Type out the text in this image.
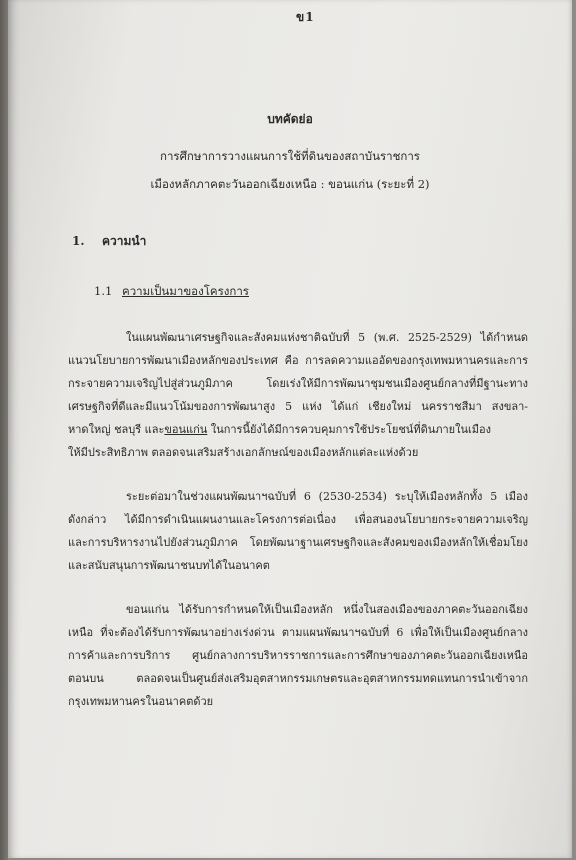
ข1
บทคัดย่อ
การศึกษาการวางแผนการใช้ที่ดินของสถาบันราชการ
เมืองหลักภาคตะวันออกเฉียงเหนือ : ขอนแก่น (ระยะที่ 2)
1. ความนำ
1.1 ความเป็นมาของโครงการ
ในแผนพัฒนาเศรษฐกิจและสังคมแห่งชาติฉบับที่ 5 (พ.ศ. 2525-2529) ได้กำหนด
แนวนโยบายการพัฒนาเมืองหลักของประเทศ คือ การลดความแออัดของกรุงเทพมหานครและการ
กระจายความเจริญไปสู่ส่วนภูมิภาค โดยเร่งให้มีการพัฒนาชุมชนเมืองศูนย์กลางที่มีฐานะทาง
เศรษฐกิจที่ดีและมีแนวโน้มของการพัฒนาสูง 5 แห่ง ได้แก่ เชียงใหม่ นครราชสีมา สงขลา-
หาดใหญ่ ชลบุรี และขอนแก่น ในการนี้ยังได้มีการควบคุมการใช้ประโยชน์ที่ดินภายในเมือง
ให้มีประสิทธิภาพ ตลอดจนเสริมสร้างเอกลักษณ์ของเมืองหลักแต่ละแห่งด้วย
ระยะต่อมาในช่วงแผนพัฒนาฯฉบับที่ 6 (2530-2534) ระบุให้เมืองหลักทั้ง 5 เมือง
ดังกล่าว ได้มีการดำเนินแผนงานและโครงการต่อเนื่อง เพื่อสนองนโยบายกระจายความเจริญ
และการบริหารงานไปยังส่วนภูมิภาค โดยพัฒนาฐานเศรษฐกิจและสังคมของเมืองหลักให้เชื่อมโยง
และสนับสนุนการพัฒนาชนบทได้ในอนาคต
ขอนแก่น ได้รับการกำหนดให้เป็นเมืองหลัก หนึ่งในสองเมืองของภาคตะวันออกเฉียง
เหนือ ที่จะต้องได้รับการพัฒนาอย่างเร่งด่วน ตามแผนพัฒนาฯฉบับที่ 6 เพื่อให้เป็นเมืองศูนย์กลาง
การค้าและการบริการ ศูนย์กลางการบริหารราชการและการศึกษาของภาคตะวันออกเฉียงเหนือ
ตอนบน ตลอดจนเป็นศูนย์ส่งเสริมอุตสาหกรรมเกษตรและอุตสาหกรรมทดแทนการนำเข้าจาก
กรุงเทพมหานครในอนาคตด้วย
